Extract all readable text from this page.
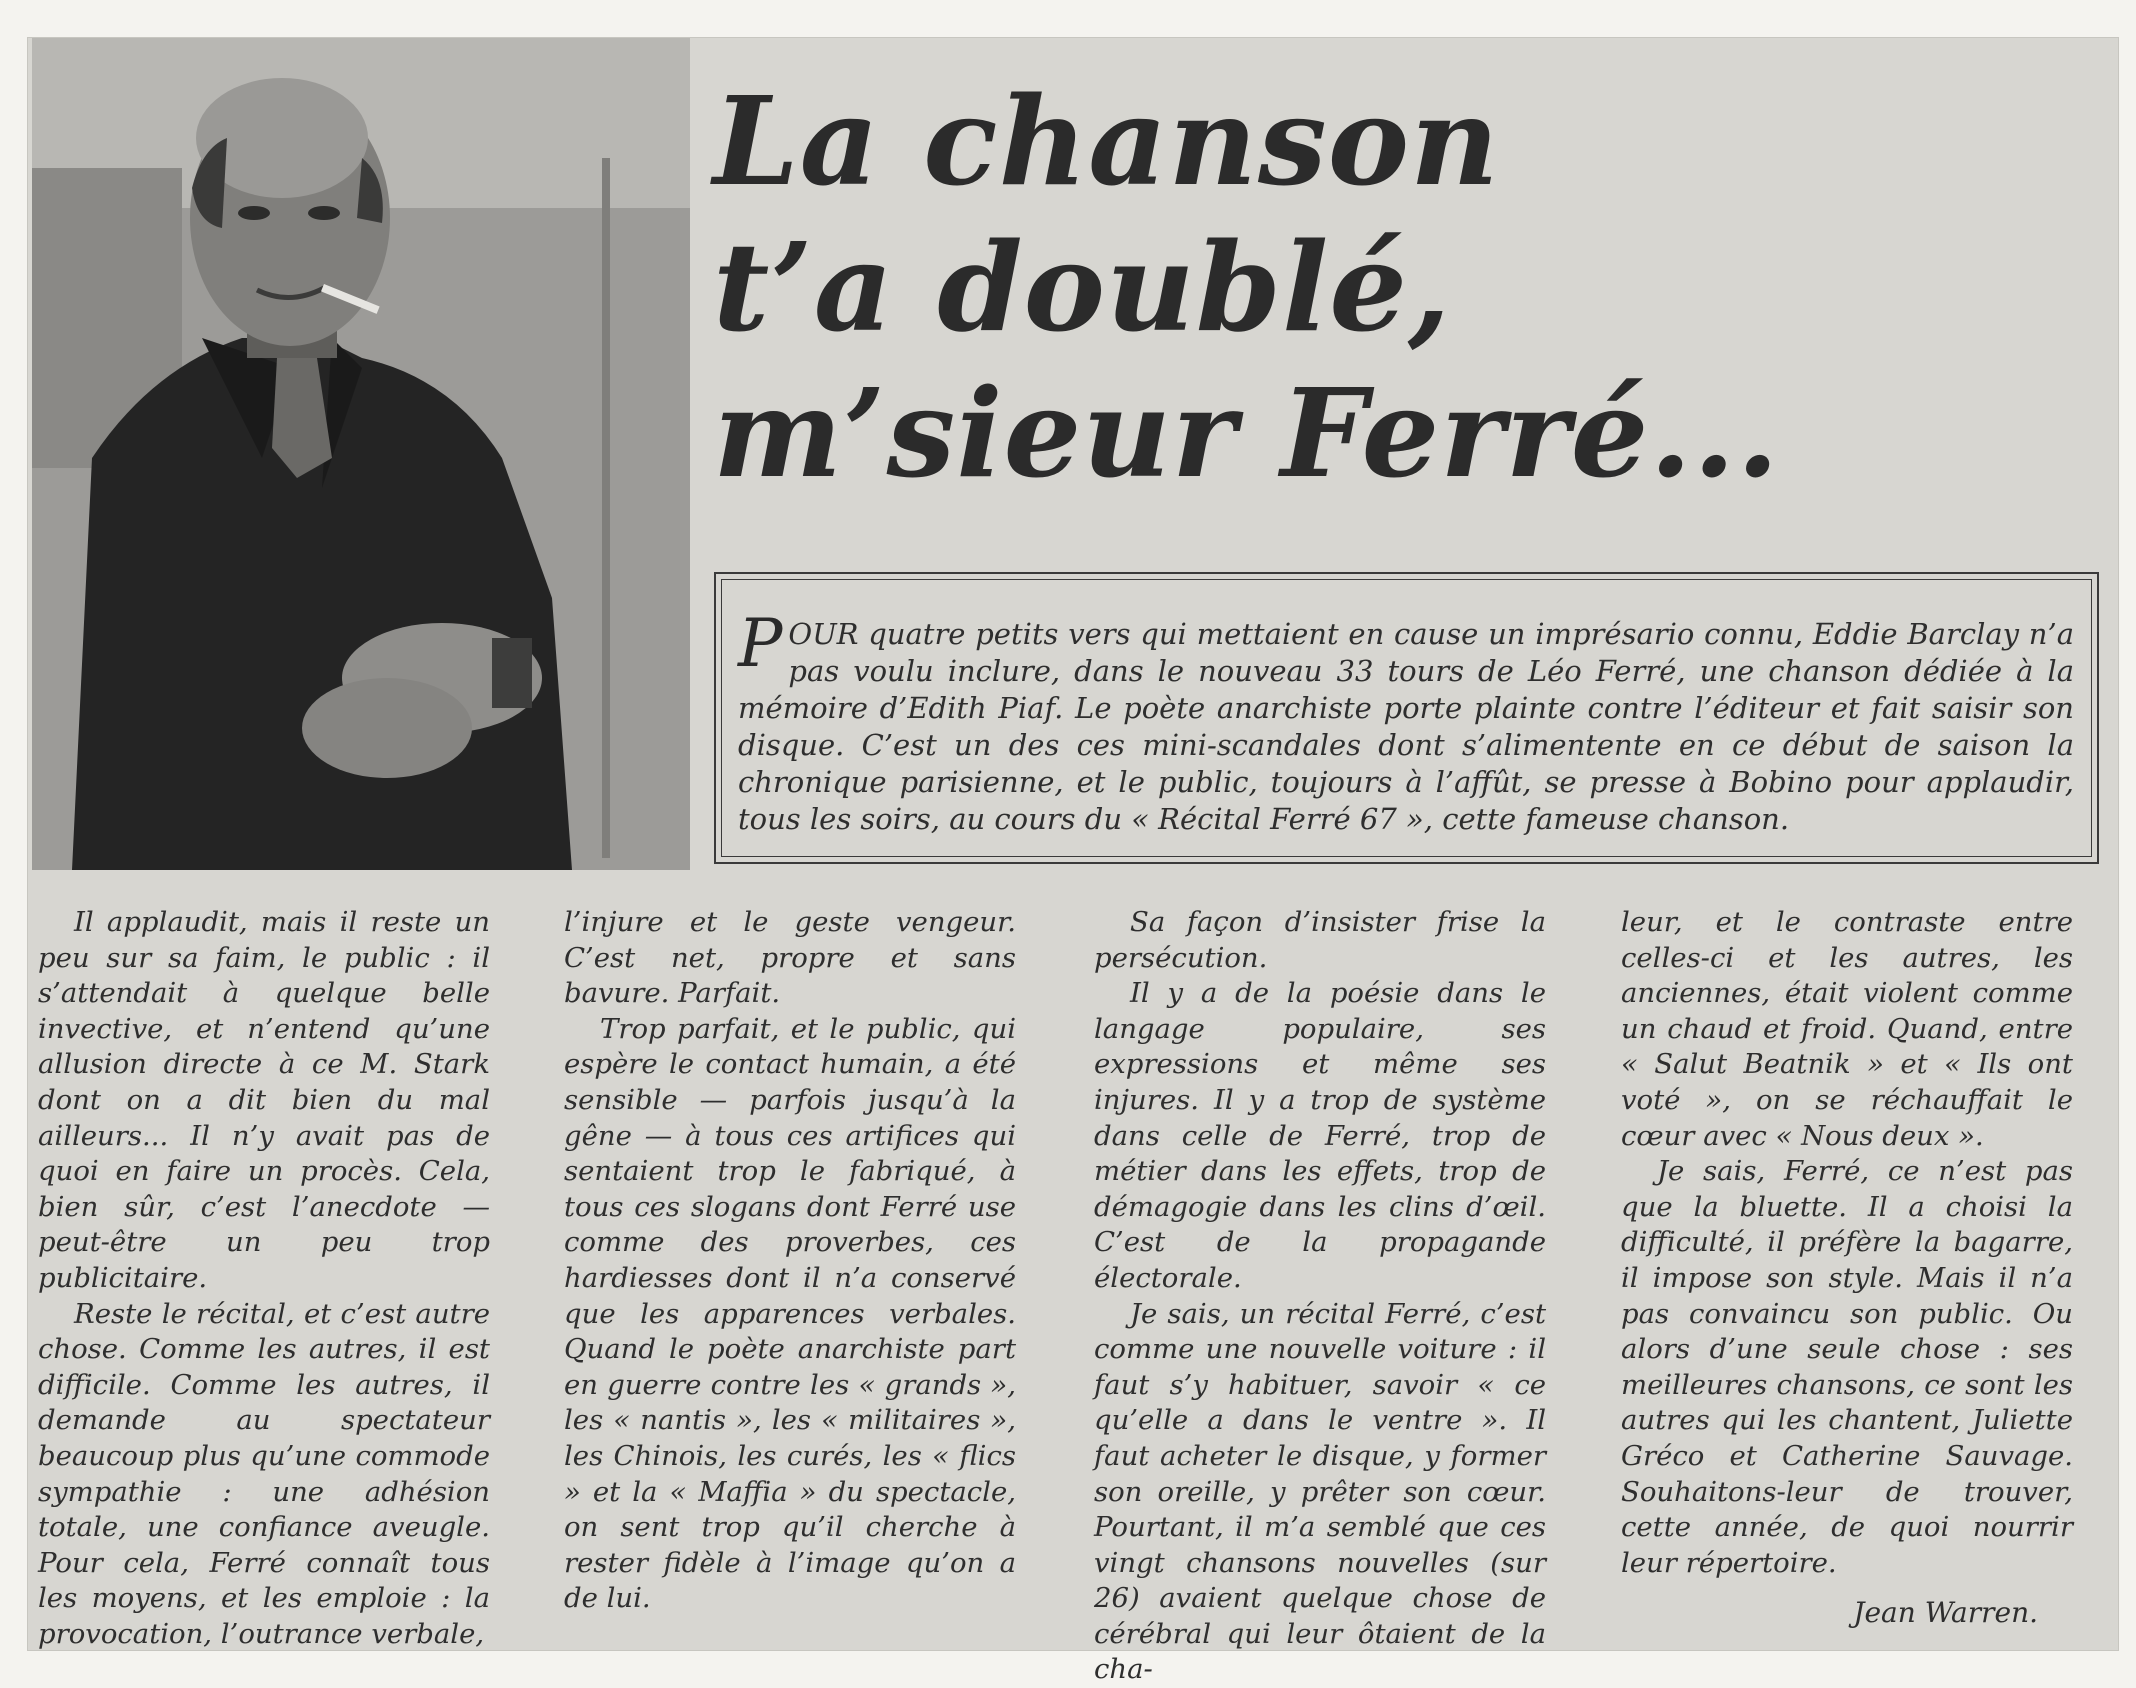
La chanson
t’a doublé,
m’sieur Ferré...

POUR quatre petits vers qui mettaient en cause un imprésario connu, Eddie Barclay n’a pas voulu inclure, dans le nouveau 33 tours de Léo Ferré, une chanson dédiée à la mémoire d’Edith Piaf. Le poète anarchiste porte plainte contre l’éditeur et fait saisir son disque. C’est un des ces mini-scandales dont s’alimentente en ce début de saison la chronique parisienne, et le public, toujours à l’affût, se presse à Bobino pour applaudir, tous les soirs, au cours du « Récital Ferré 67 », cette fameuse chanson.

Il applaudit, mais il reste un peu sur sa faim, le public : il s’attendait à quelque belle invective, et n’entend qu’une allusion directe à ce M. Stark dont on a dit bien du mal ailleurs... Il n’y avait pas de quoi en faire un procès. Cela, bien sûr, c’est l’anecdote — peut-être un peu trop publicitaire.

Reste le récital, et c’est autre chose. Comme les autres, il est difficile. Comme les autres, il demande au spectateur beaucoup plus qu’une commode sympathie : une adhésion totale, une confiance aveugle. Pour cela, Ferré connaît tous les moyens, et les emploie : la provocation, l’outrance verbale,

l’injure et le geste vengeur. C’est net, propre et sans bavure. Parfait.

Trop parfait, et le public, qui espère le contact humain, a été sensible — parfois jusqu’à la gêne — à tous ces artifices qui sentaient trop le fabriqué, à tous ces slogans dont Ferré use comme des proverbes, ces hardiesses dont il n’a conservé que les apparences verbales. Quand le poète anarchiste part en guerre contre les « grands », les « nantis », les « militaires », les Chinois, les curés, les « flics » et la « Maffia » du spectacle, on sent trop qu’il cherche à rester fidèle à l’image qu’on a de lui.

Sa façon d’insister frise la persécution.

Il y a de la poésie dans le langage populaire, ses expressions et même ses injures. Il y a trop de système dans celle de Ferré, trop de métier dans les effets, trop de démagogie dans les clins d’œil. C’est de la propagande électorale.

Je sais, un récital Ferré, c’est comme une nouvelle voiture : il faut s’y habituer, savoir « ce qu’elle a dans le ventre ». Il faut acheter le disque, y former son oreille, y prêter son cœur. Pourtant, il m’a semblé que ces vingt chansons nouvelles (sur 26) avaient quelque chose de cérébral qui leur ôtaient de la cha-

leur, et le contraste entre celles-ci et les autres, les anciennes, était violent comme un chaud et froid. Quand, entre « Salut Beatnik » et « Ils ont voté », on se réchauffait le cœur avec « Nous deux ».

Je sais, Ferré, ce n’est pas que la bluette. Il a choisi la difficulté, il préfère la bagarre, il impose son style. Mais il n’a pas convaincu son public. Ou alors d’une seule chose : ses meilleures chansons, ce sont les autres qui les chantent, Juliette Gréco et Catherine Sauvage. Souhaitons-leur de trouver, cette année, de quoi nourrir leur répertoire.

Jean Warren.
